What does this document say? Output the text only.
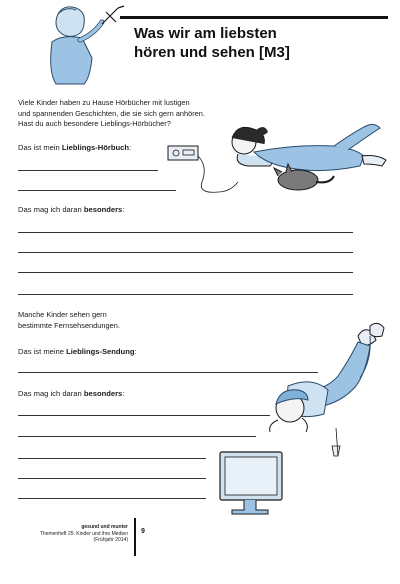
Was wir am liebsten
hören und sehen [M3]
Viele Kinder haben zu Hause Hörbücher mit lustigen
und spannenden Geschichten, die sie sich gern anhören.
Hast du auch besondere Lieblings-Hörbücher?
Das ist mein Lieblings-Hörbuch:
Das mag ich daran besonders:
Manche Kinder sehen gern
bestimmte Fernsehsendungen.
Das ist meine Lieblings-Sendung:
Das mag ich daran besonders:
gesund und munter
Themenheft 25: Kinder und ihre Medien
(Frühjahr 2014)
9
